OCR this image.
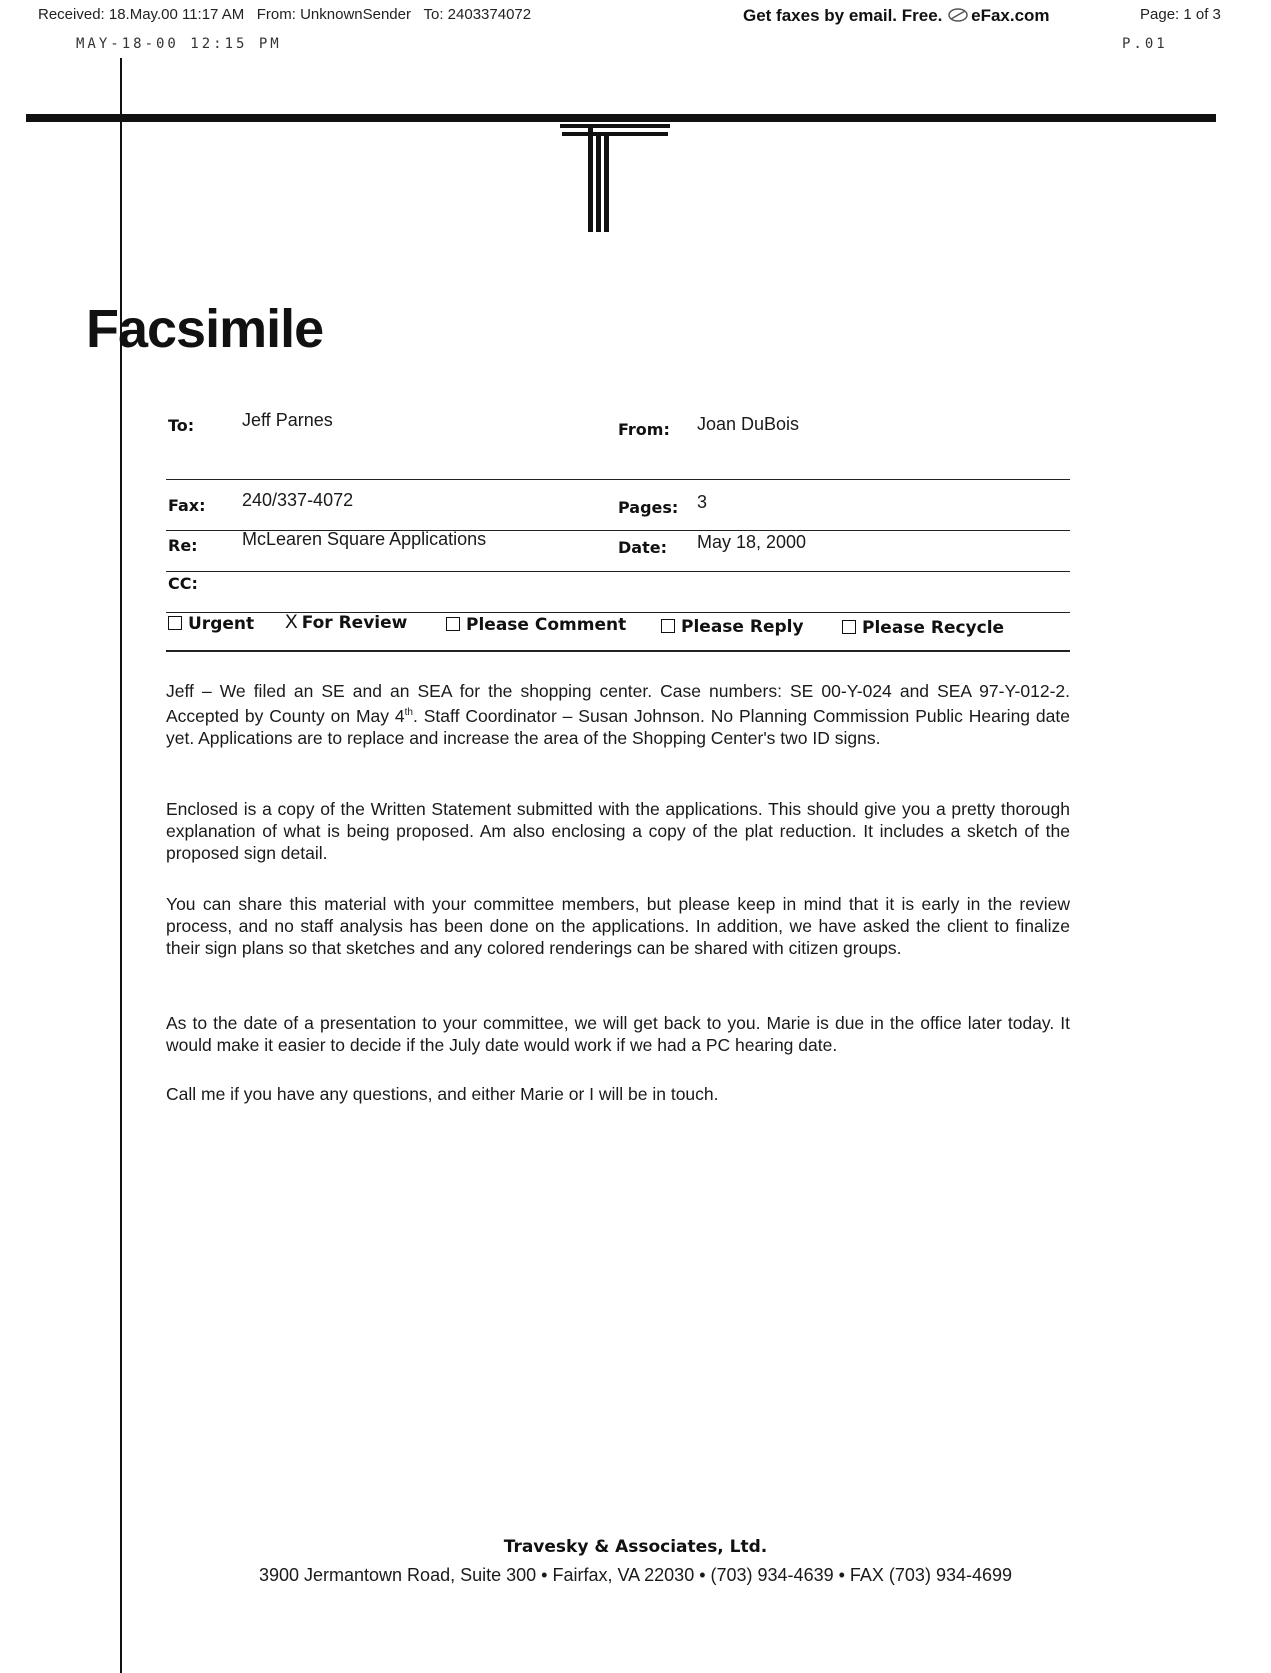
Received: 18.May.00 11:17 AM From: UnknownSender To: 2403374072	Get faxes by email. Free. eFax.com	Page: 1 of 3
MAY-18-00 12:15 PM	P.01
Facsimile
To:	Jeff Parnes	From: Joan DuBois
Fax: 240/337-4072	Pages: 3
Re: McLearen Square Applications	Date: May 18, 2000
CC:
Urgent X For Review	Please Comment	Please Reply	Please Recycle
Jeff – We filed an SE and an SEA for the shopping center. Case numbers: SE 00-Y-024 and SEA 97-Y-012-2. Accepted by County on May 4th. Staff Coordinator – Susan Johnson. No Planning Commission Public Hearing date yet. Applications are to replace and increase the area of the Shopping Center's two ID signs.
Enclosed is a copy of the Written Statement submitted with the applications. This should give you a pretty thorough explanation of what is being proposed. Am also enclosing a copy of the plat reduction. It includes a sketch of the proposed sign detail.
You can share this material with your committee members, but please keep in mind that it is early in the review process, and no staff analysis has been done on the applications. In addition, we have asked the client to finalize their sign plans so that sketches and any colored renderings can be shared with citizen groups.
As to the date of a presentation to your committee, we will get back to you. Marie is due in the office later today. It would make it easier to decide if the July date would work if we had a PC hearing date.
Call me if you have any questions, and either Marie or I will be in touch.
Travesky & Associates, Ltd.
3900 Jermantown Road, Suite 300 • Fairfax, VA 22030 • (703) 934-4639 • FAX (703) 934-4699
